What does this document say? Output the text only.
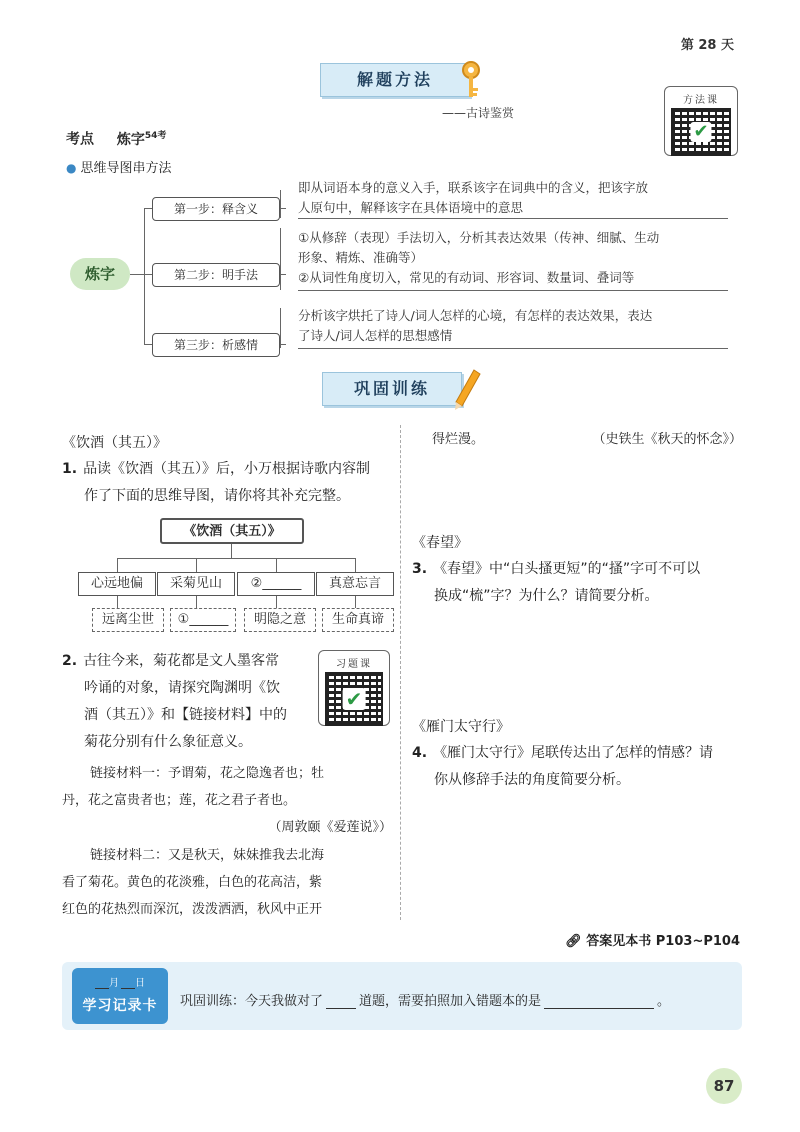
第 28 天
解题方法
——古诗鉴赏
方法课
✔
考点 炼字$^{54考}$
● 思维导图串方法
炼字
第一步：释含义
第二步：明手法
第三步：析感情
即从词语本身的意义入手，联系该字在词典中的含义，把该字放
人原句中，解释该字在具体语境中的意思
①从修辞（表现）手法切入，分析其表达效果（传神、细腻、生动
形象、精炼、准确等）
②从词性角度切入，常见的有动词、形容词、数量词、叠词等
分析该字烘托了诗人/词人怎样的心境，有怎样的表达效果，表达
了诗人/词人怎样的思想感情
巩固训练
《饮酒（其五）》
1. 品读《饮酒（其五）》后，小万根据诗歌内容制
作了下面的思维导图，请你将其补充完整。
《饮酒（其五）》
心远地偏	采菊见山	②______	真意忘言
远离尘世	①______	明隐之意	生命真谛
2. 古往今来，菊花都是文人墨客常
吟诵的对象，请探究陶渊明《饮
酒（其五）》和【链接材料】中的
菊花分别有什么象征意义。
习题课
✔
链接材料一：予谓菊，花之隐逸者也；牡
丹，花之富贵者也；莲，花之君子者也。
（周敦颐《爱莲说》）
链接材料二：又是秋天，妹妹推我去北海
看了菊花。黄色的花淡雅，白色的花高洁，紫
红色的花热烈而深沉，泼泼洒洒，秋风中正开
得烂漫。	（史铁生《秋天的怀念》）
《春望》
3. 《春望》中“白头搔更短”的“搔”字可不可以
换成“梳”字？为什么？请简要分析。
《雁门太守行》
4. 《雁门太守行》尾联传达出了怎样的情感？请
你从修辞手法的角度简要分析。
🔗︎ 答案见本书 P103~P104
月 日
学习记录卡	巩固训练：今天我做对了	道题，需要拍照加入错题本的是	。
87
